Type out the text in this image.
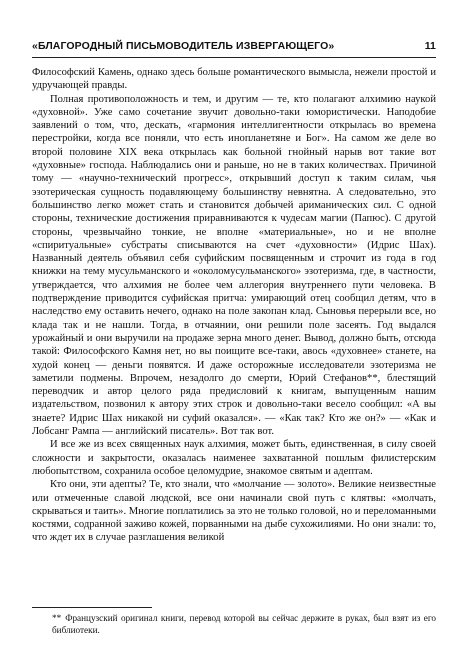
«БЛАГОРОДНЫЙ ПИСЬМОВОДИТЕЛЬ ИЗВЕРГАЮЩЕГО»	11

Философский Камень, однако здесь больше романтического вымысла, нежели простой и удручающей правды.

Полная противоположность и тем, и другим — те, кто полагают алхимию наукой «духовной». Уже само сочетание звучит довольно-таки юмористически. Наподобие заявлений о том, что, дескать, «гармония интеллигентности открылась во времена перестройки, когда все поняли, что есть инопланетяне и Бог». На самом же деле во второй половине XIX века открылась как больной гнойный нарыв вот такие вот «духовные» господа. Наблюдались они и раньше, но не в таких количествах. Причиной тому — «научно-технический прогресс», открывший доступ к таким силам, чья эзотерическая сущность подавляющему большинству невнятна. А следовательно, это большинство легко может стать и становится добычей ариманических сил. С одной стороны, технические достижения приравниваются к чудесам магии (Папюс). С другой стороны, чрезвычайно тонкие, не вполне «материальные», но и не вполне «спиритуальные» субстраты списываются на счет «духовности» (Идрис Шах). Названный деятель объявил себя суфийским посвященным и строчит из года в год книжки на тему мусульманского и «околомусульманского» эзотеризма, где, в частности, утверждается, что алхимия не более чем аллегория внутреннего пути человека. В подтверждение приводится суфийская притча: умирающий отец сообщил детям, что в наследство ему оставить нечего, однако на поле закопан клад. Сыновья перерыли все, но клада так и не нашли. Тогда, в отчаянии, они решили поле засеять. Год выдался урожайный и они выручили на продаже зерна много денег. Вывод, должно быть, отсюда такой: Философского Камня нет, но вы поищите все-таки, авось «духовнее» станете, на худой конец — деньги появятся. И даже осторожные исследователи эзотеризма не заметили подмены. Впрочем, незадолго до смерти, Юрий Стефанов**, блестящий переводчик и автор целого ряда предисловий к книгам, выпущенным нашим издательством, позвонил к автору этих строк и довольно-таки весело сообщил: «А вы знаете? Идрис Шах никакой ни суфий оказался». — «Как так? Кто же он?» — «Как и Лобсанг Рампа — английский писатель». Вот так вот.

И все же из всех священных наук алхимия, может быть, единственная, в силу своей сложности и закрытости, оказалась наименее захватанной пошлым филистерским любопытством, сохранила особое целомудрие, знакомое святым и адептам.

Кто они, эти адепты? Те, кто знали, что «молчание — золото». Великие неизвестные или отмеченные славой людской, все они начинали свой путь с клятвы: «молчать, скрываться и таить». Многие поплатились за это не только головой, но и переломанными костями, содранной заживо кожей, порванными на дыбе сухожилиями. Но они знали: то, что ждет их в случае разглашения великой

** Французский оригинал книги, перевод которой вы сейчас держите в руках, был взят из его библиотеки.
